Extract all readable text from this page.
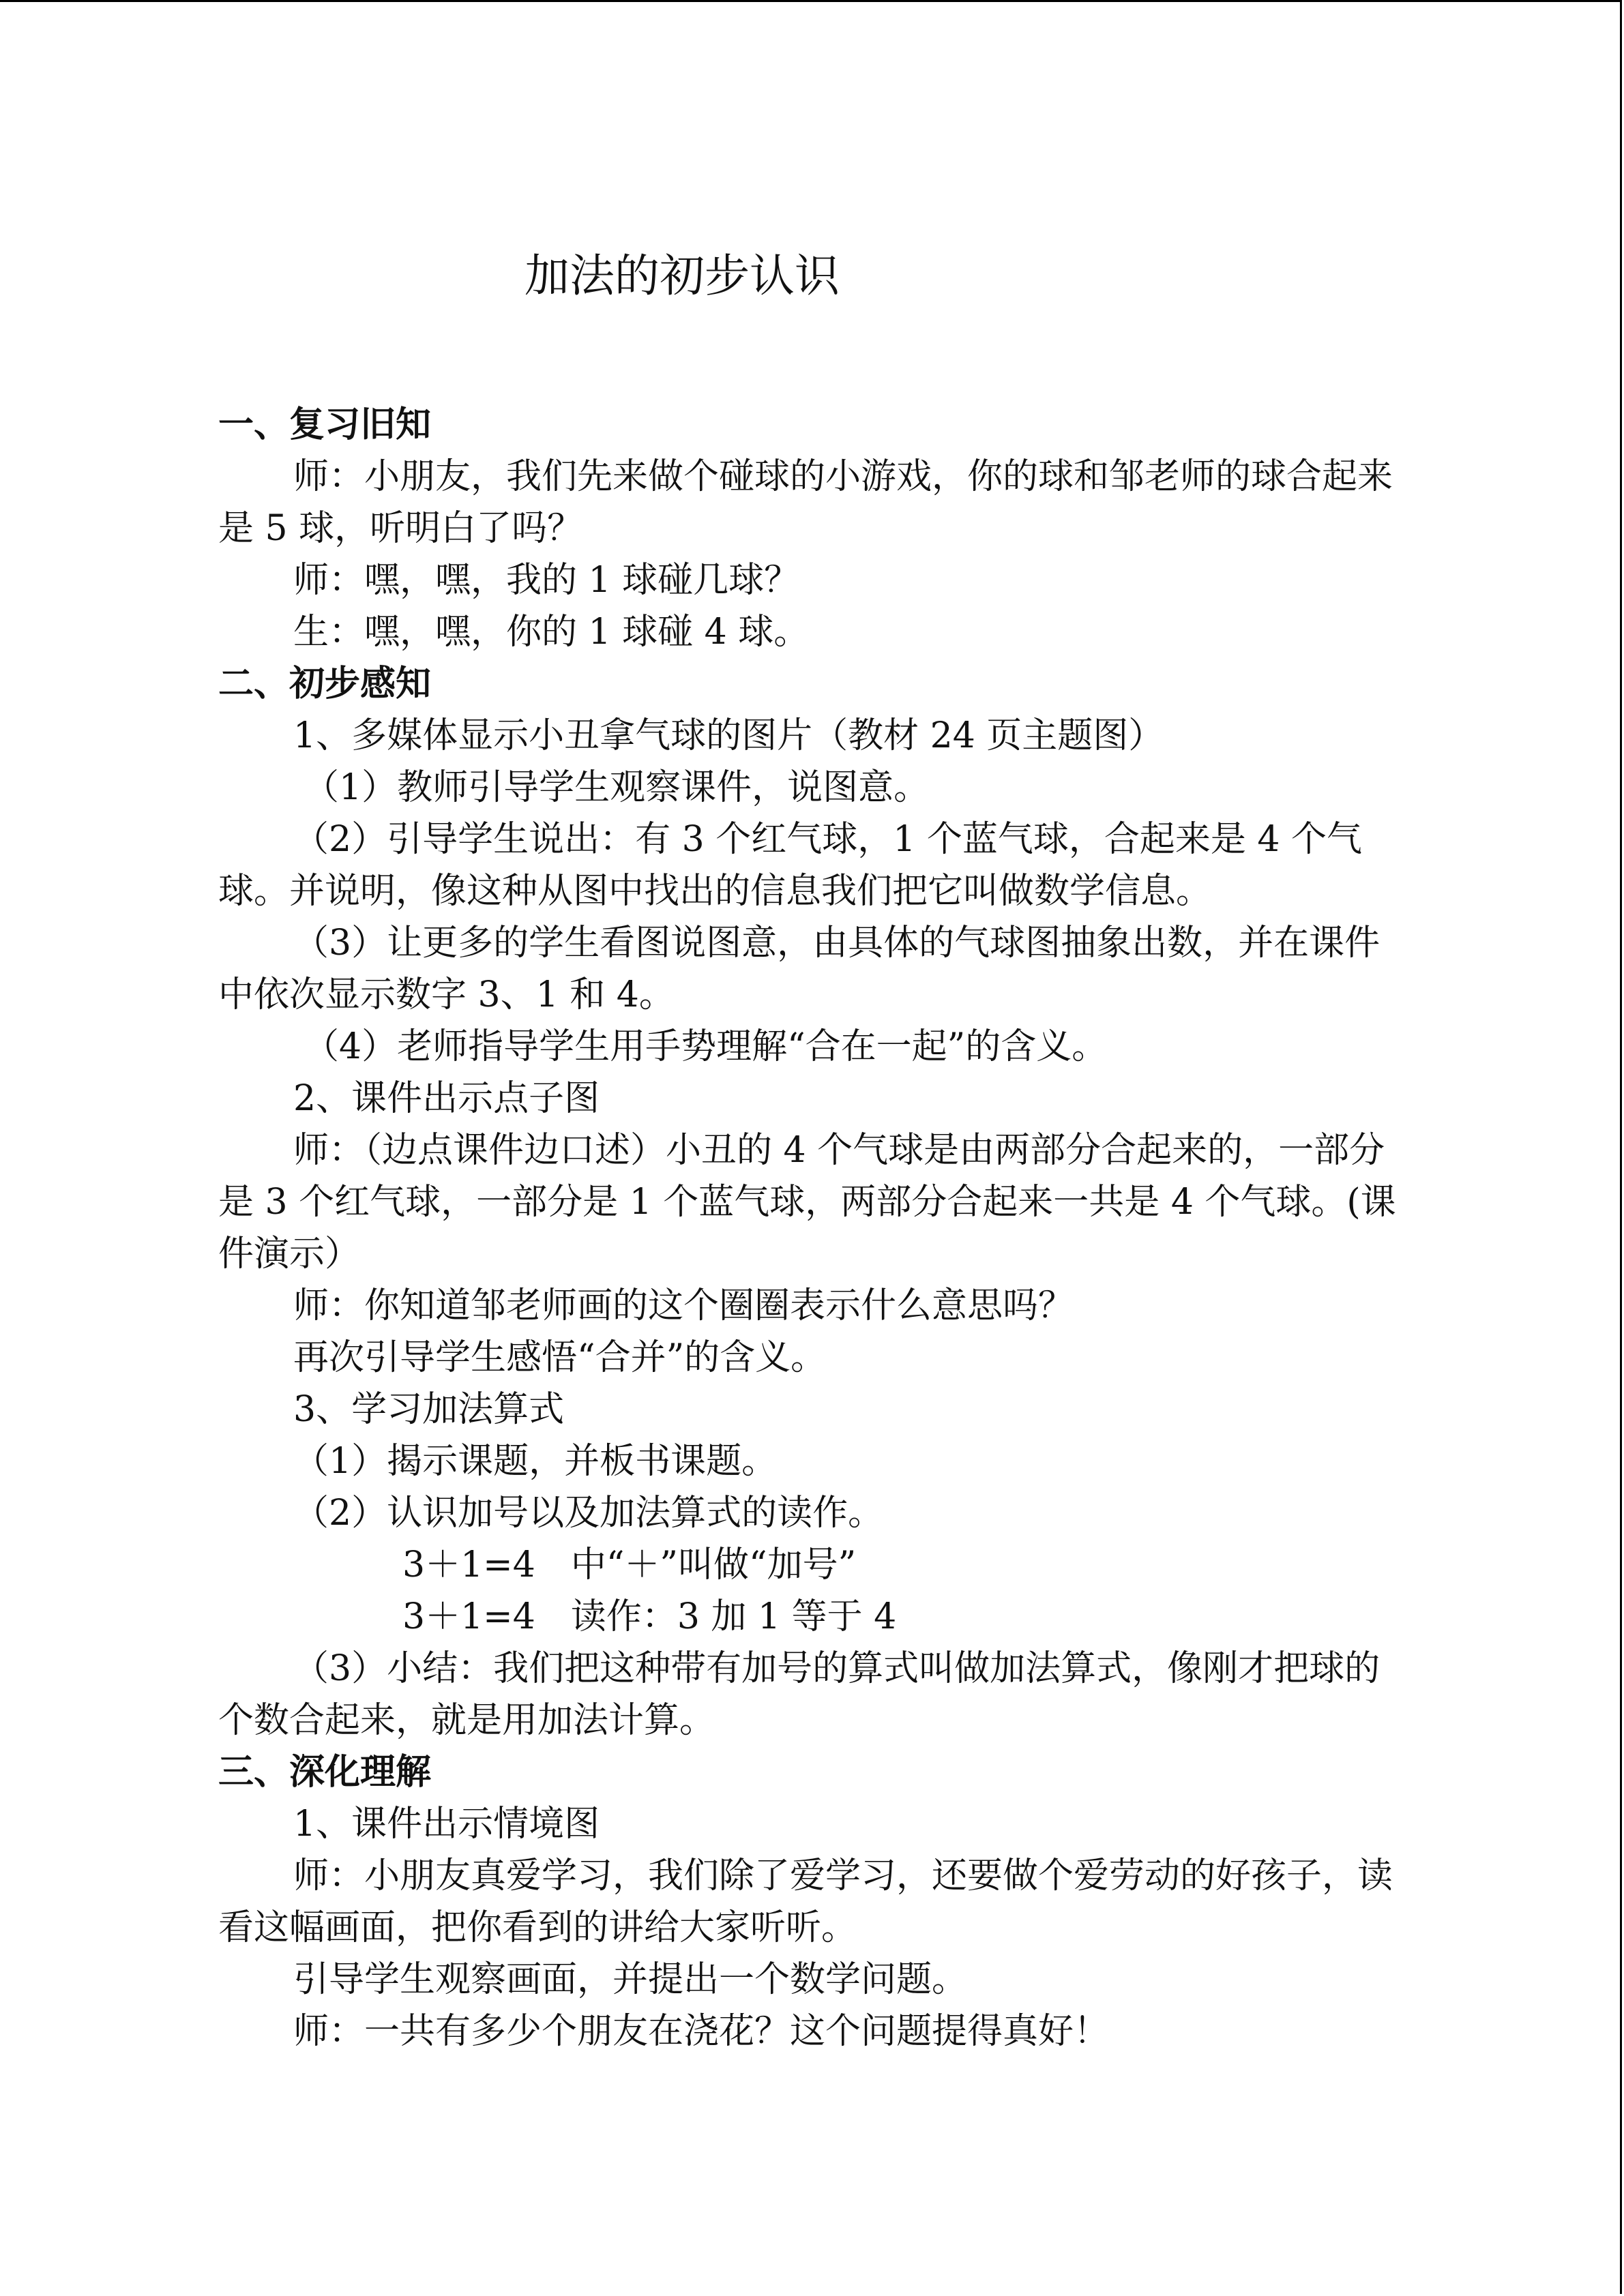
加法的初步认识
一、复习旧知
师：小朋友，我们先来做个碰球的小游戏，你的球和邹老师的球合起来是 5 球，听明白了吗？
师：嘿，嘿，我的 1 球碰几球？
生：嘿，嘿，你的 1 球碰 4 球。
二、初步感知
1、多媒体显示小丑拿气球的图片（教材 24 页主题图）
（1）教师引导学生观察课件，说图意。
（2）引导学生说出：有 3 个红气球，1 个蓝气球，合起来是 4 个气球。并说明，像这种从图中找出的信息我们把它叫做数学信息。
（3）让更多的学生看图说图意，由具体的气球图抽象出数，并在课件中依次显示数字 3、1 和 4。
（4）老师指导学生用手势理解“合在一起”的含义。
2、课件出示点子图
师：（边点课件边口述）小丑的 4 个气球是由两部分合起来的，一部分是 3 个红气球，一部分是 1 个蓝气球，两部分合起来一共是 4 个气球。(课件演示）
师：你知道邹老师画的这个圈圈表示什么意思吗？
再次引导学生感悟“合并”的含义。
3、学习加法算式
（1）揭示课题，并板书课题。
（2）认识加号以及加法算式的读作。
3＋1=4　中“＋”叫做“加号”
3＋1=4　读作：3 加 1 等于 4
（3）小结：我们把这种带有加号的算式叫做加法算式，像刚才把球的个数合起来，就是用加法计算。
三、深化理解
1、课件出示情境图
师：小朋友真爱学习，我们除了爱学习，还要做个爱劳动的好孩子，读看这幅画面，把你看到的讲给大家听听。
引导学生观察画面，并提出一个数学问题。
师：一共有多少个朋友在浇花？这个问题提得真好！
